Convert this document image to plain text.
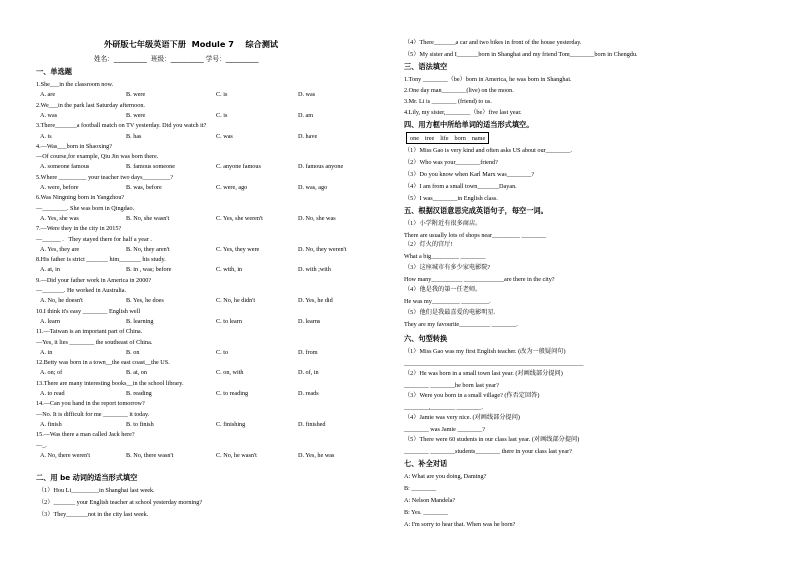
外研版七年级英语下册  Module 7    综合测试
姓名：__________  班级：__________ 学号：__________
一、单选题
1.She___in the classroom now.
A. are	B. were	C. is	D. was
2.We___in the park last Saturday afternoon.
A. was	B. were	C. is	D. am
3.There_______a football match on TV yesterday. Did you watch it?
A. is	B. has	C. was	D. have
4.—Was___born in Shaoxing?
—Of course,for example, Qiu Jin was born there.
A. someone famous	B. famous someone	C. anyone famous	D. famous anyone
5.Where _________ your teacher two days_________?
A. were, before	B. was, before	C. were, ago	D. was, ago
6.Was Ningning born in Yangzhou?
—________. She was born in Qingdao.
A. Yes, she was	B. No, she wasn't	C. Yes, she weren't	D. No, she was
7.—Were they in the city in 2015?
—______ .   They stayed there for half a year .
A. Yes, they are	B. No, they aren't	C. Yes, they were	D. No, they weren't
8.His father is strict _______ him_______ his study.
A. at, in	B. in , was; before	C. with, in	D. with ;with
9.—Did your father work in America in 2000?
—_______. He worked in Australia.
A. No, he doesn't	B. Yes, he does	C. No, he didn't	D. Yes, he did
10.I think it's easy ________ English well
A. learn	B. learning	C. to learn	D. learns
11.—Taiwan is an important part of China.
—Yes, it lies ________ the southeast of China.
A. in	B. on	C. to	D. from
12.Betty was born in a town__the east coast__the US.
A. on; of	B. at, on	C. on, with	D. of, in
13.There are many interesting books__in the school library.
A. to read	B. reading	C. to reading	D. reads
14.—Can you hand in the report tomorrow?
—No. It is difficult for me ________ it today.
A. finish	B. to finish	C. finishing	D. finished
15.—Was there a man called Jack here?
—_.
A. No, there weren't	B. No, there wasn't	C. No, he wasn't	D. Yes, he was
二、用 be 动词的适当形式填空
（1）Hou Li_________in Shanghai last week.
（2）_______ your English teacher at school yesterday morning?
（3）They_______not in the city last week.
（4）There_______a car and two bikes in front of the house yesterday.
（5）My sister and I_______born in Shanghai and my friend Tom________born in Chengdu.
三、语法填空
1.Tony ________（be）born in America, he was born in Shanghai.
2.One day man________(live) on the moon.
3.Mr. Li is ________ (friend) to us.
4.Lily, my sister,________（be）five last year.
四、用方框中所给单词的适当形式填空。
one tree life born name
（1）Miss Gao is very kind and often asks US about our________.
（2）Who was your________friend?
（3）Do you know when Karl Marx was________?
（4）I am from a small town_______Dayan.
（5）I was________in English class.
五、根据汉语意思完成英语句子，每空一词。
（1）小学附近有很多商店。
There are usually lots of shops near_________ ________
（2）灯火的宫厅!
What a big_________ ________
（3）这座城市有多少家电影院?
How many__________ _____________are there in the city?
（4）他是我的第一任老师。
He was my_________ _________.
（5）他们是我最喜爱的电影明星.
They are my favourite__________ ________.
六、句型转换
（1）Miss Gao was my first English teacher. (改为一般疑问句)
__________________________________________________________
（2）He was born in a small town last year. (对画线部分提问)
________ ________he born last year?
（3）Were you born in a small village? (作否定回答)
________,________ ________.
（4）Jamie was very nice. (对画线部分提问)
________ was Jamie ________?
（5）There were 60 students in our class last year. (对画线部分提问)
________ ________students________ there in your class last year?
七、补全对话
A: What are you doing, Daming?
B: ________
A: Nelson Mandela?
B: Yes. ________
A: I'm sorry to hear that. When was he born?
